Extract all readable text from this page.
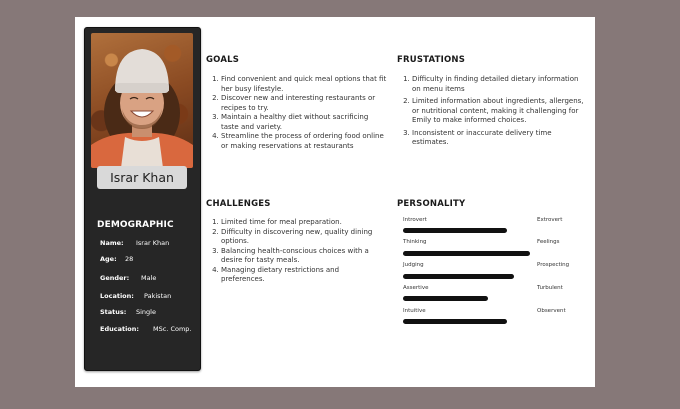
Israr Khan
DEMOGRAPHIC
Name: Israr Khan
Age: 28
Gender: Male
Location: Pakistan
Status: Single
Education: MSc. Comp.
GOALS
1. Find convenient and quick meal options that fit her busy lifestyle.
2. Discover new and interesting restaurants or recipes to try.
3. Maintain a healthy diet without sacrificing taste and variety.
4. Streamline the process of ordering food online or making reservations at restaurants
FRUSTATIONS
1. Difficulty in finding detailed dietary information on menu items
2. Limited information about ingredients, allergens, or nutritional content, making it challenging for Emily to make informed choices.
3. Inconsistent or inaccurate delivery time estimates.
CHALLENGES
1. Limited time for meal preparation.
2. Difficulty in discovering new, quality dining options.
3. Balancing health-conscious choices with a desire for tasty meals.
4. Managing dietary restrictions and preferences.
PERSONALITY
Introvert	Extrovert
Thinking	Feelings
Judging	Prospecting
Assertive	Turbulent
Intuitive	Observent
